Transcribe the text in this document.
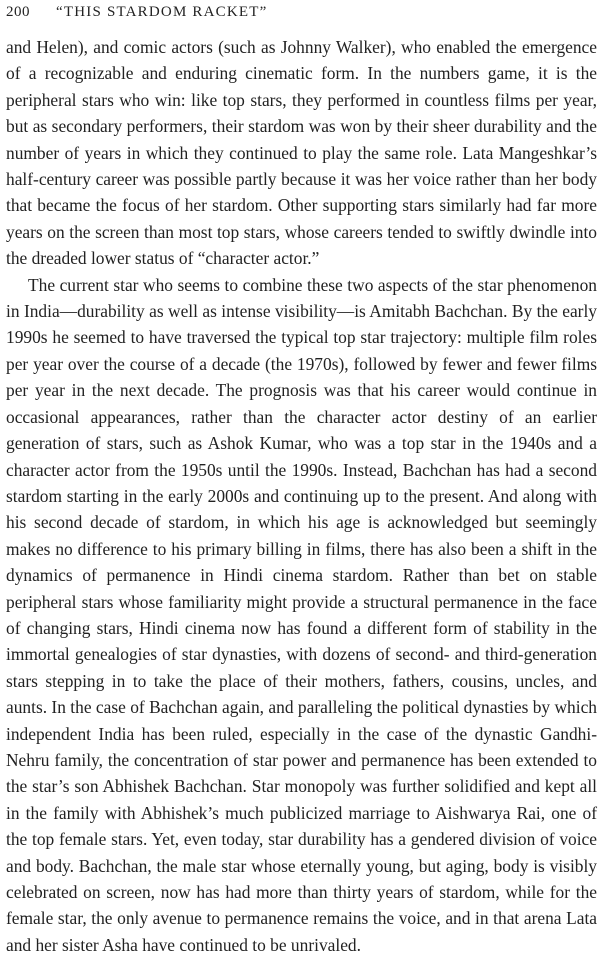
200 “THIS STARDOM RACKET”

and Helen), and comic actors (such as Johnny Walker), who enabled the emergence of a recognizable and enduring cinematic form. In the numbers game, it is the peripheral stars who win: like top stars, they performed in countless films per year, but as secondary performers, their stardom was won by their sheer durability and the number of years in which they continued to play the same role. Lata Mangeshkar’s half-century career was possible partly because it was her voice rather than her body that became the focus of her stardom. Other supporting stars similarly had far more years on the screen than most top stars, whose careers tended to swiftly dwindle into the dreaded lower status of “character actor.”

The current star who seems to combine these two aspects of the star phenomenon in India—durability as well as intense visibility—is Amitabh Bachchan. By the early 1990s he seemed to have traversed the typical top star trajectory: multiple film roles per year over the course of a decade (the 1970s), followed by fewer and fewer films per year in the next decade. The prognosis was that his career would continue in occasional appearances, rather than the character actor destiny of an earlier generation of stars, such as Ashok Kumar, who was a top star in the 1940s and a character actor from the 1950s until the 1990s. Instead, Bachchan has had a second stardom starting in the early 2000s and continuing up to the present. And along with his second decade of stardom, in which his age is acknowledged but seemingly makes no difference to his primary billing in films, there has also been a shift in the dynamics of permanence in Hindi cinema stardom. Rather than bet on stable peripheral stars whose familiarity might provide a structural permanence in the face of changing stars, Hindi cinema now has found a different form of stability in the immortal genealogies of star dynasties, with dozens of second- and third-generation stars stepping in to take the place of their mothers, fathers, cousins, uncles, and aunts. In the case of Bachchan again, and paralleling the political dynasties by which independent India has been ruled, especially in the case of the dynastic Gandhi-Nehru family, the concentration of star power and permanence has been extended to the star’s son Abhishek Bachchan. Star monopoly was further solidified and kept all in the family with Abhishek’s much publicized marriage to Aishwarya Rai, one of the top female stars. Yet, even today, star durability has a gendered division of voice and body. Bachchan, the male star whose eternally young, but aging, body is visibly celebrated on screen, now has had more than thirty years of stardom, while for the female star, the only avenue to permanence remains the voice, and in that arena Lata and her sister Asha have continued to be unrivaled.
